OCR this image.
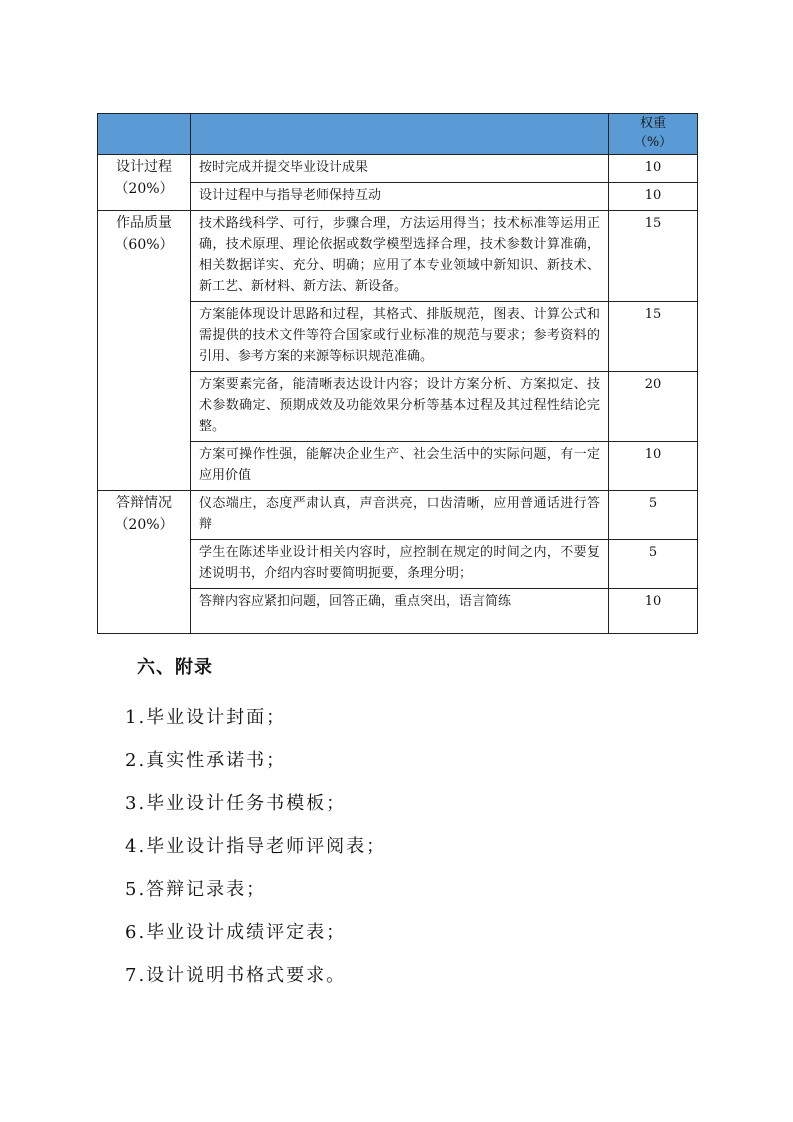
		权重
（%）

设计过程
（20%）	按时完成并提交毕业设计成果	10
	设计过程中与指导老师保持互动	10

作品质量
（60%）	技术路线科学、可行，步骤合理，方法运用得当；技术标准等运用正确，技术原理、理论依据或数学模型选择合理，技术参数计算准确，相关数据详实、充分、明确；应用了本专业领域中新知识、新技术、新工艺、新材料、新方法、新设备。	15
	方案能体现设计思路和过程，其格式、排版规范，图表、计算公式和需提供的技术文件等符合国家或行业标准的规范与要求；参考资料的引用、参考方案的来源等标识规范准确。	15
	方案要素完备，能清晰表达设计内容；设计方案分析、方案拟定、技术参数确定、预期成效及功能效果分析等基本过程及其过程性结论完整。	20
	方案可操作性强，能解决企业生产、社会生活中的实际问题，有一定应用价值	10

答辩情况
（20%）	仪态端庄，态度严肃认真，声音洪亮，口齿清晰，应用普通话进行答辩	5
	学生在陈述毕业设计相关内容时，应控制在规定的时间之内，不要复述说明书，介绍内容时要简明扼要，条理分明；	5
	答辩内容应紧扣问题，回答正确，重点突出，语言简练	10
六、附录
1.毕业设计封面；
2.真实性承诺书；
3.毕业设计任务书模板；
4.毕业设计指导老师评阅表；
5.答辩记录表；
6.毕业设计成绩评定表；
7.设计说明书格式要求。
